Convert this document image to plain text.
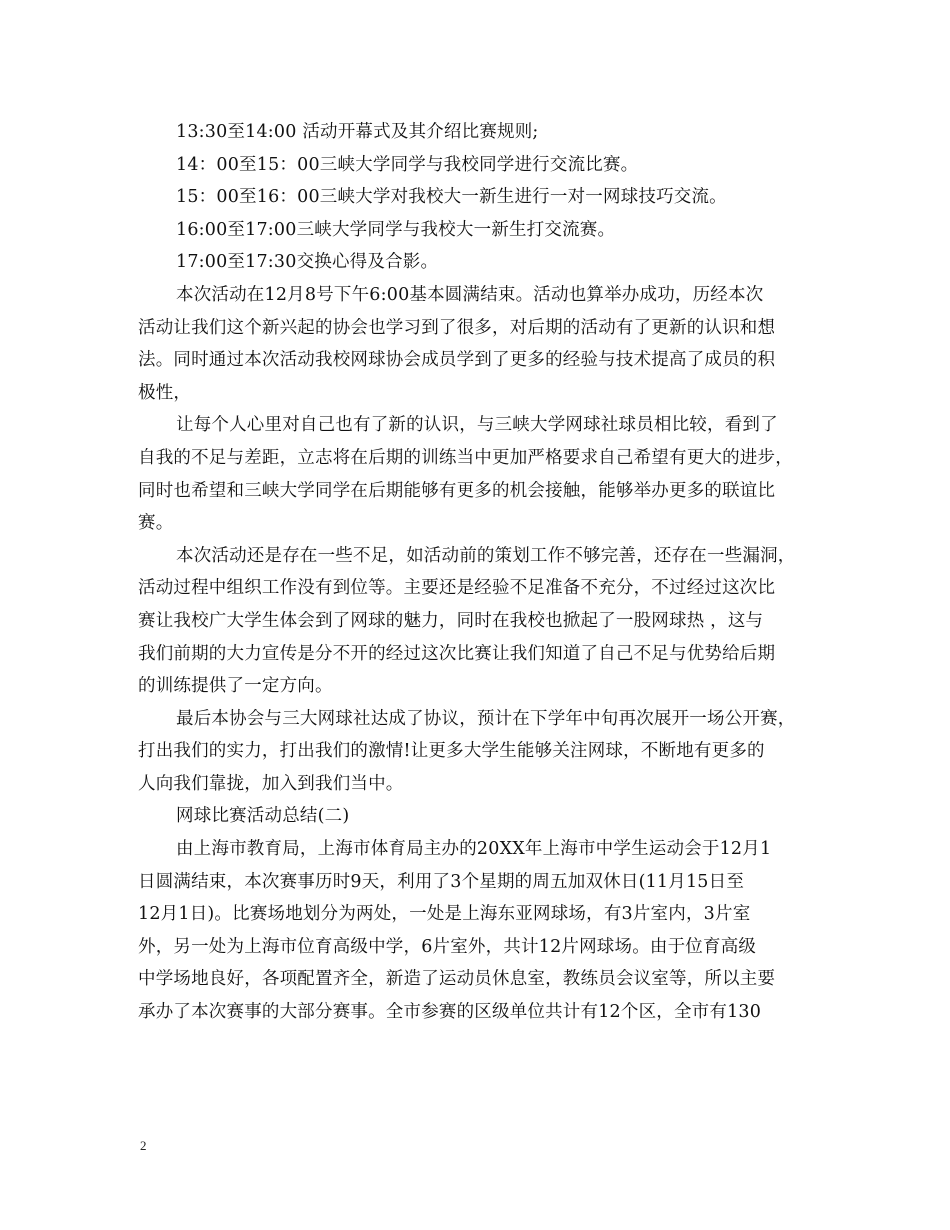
13:30至14:00 活动开幕式及其介绍比赛规则;
14：00至15：00三峡大学同学与我校同学进行交流比赛。
15：00至16：00三峡大学对我校大一新生进行一对一网球技巧交流。
16:00至17:00三峡大学同学与我校大一新生打交流赛。
17:00至17:30交换心得及合影。
本次活动在12月8号下午6:00基本圆满结束。活动也算举办成功，历经本次
活动让我们这个新兴起的协会也学习到了很多，对后期的活动有了更新的认识和想
法。同时通过本次活动我校网球协会成员学到了更多的经验与技术提高了成员的积
极性，
让每个人心里对自己也有了新的认识，与三峡大学网球社球员相比较，看到了
自我的不足与差距，立志将在后期的训练当中更加严格要求自己希望有更大的进步，
同时也希望和三峡大学同学在后期能够有更多的机会接触，能够举办更多的联谊比
赛。
本次活动还是存在一些不足，如活动前的策划工作不够完善，还存在一些漏洞，
活动过程中组织工作没有到位等。主要还是经验不足准备不充分，不过经过这次比
赛让我校广大学生体会到了网球的魅力，同时在我校也掀起了一股网球热 ，这与
我们前期的大力宣传是分不开的经过这次比赛让我们知道了自己不足与优势给后期
的训练提供了一定方向。
最后本协会与三大网球社达成了协议，预计在下学年中旬再次展开一场公开赛，
打出我们的实力，打出我们的激情!让更多大学生能够关注网球，不断地有更多的
人向我们靠拢，加入到我们当中。
网球比赛活动总结(二)
由上海市教育局，上海市体育局主办的20XX年上海市中学生运动会于12月1
日圆满结束，本次赛事历时9天，利用了3个星期的周五加双休日(11月15日至
12月1日)。比赛场地划分为两处，一处是上海东亚网球场，有3片室内，3片室
外，另一处为上海市位育高级中学，6片室外，共计12片网球场。由于位育高级
中学场地良好，各项配置齐全，新造了运动员休息室，教练员会议室等，所以主要
承办了本次赛事的大部分赛事。全市参赛的区级单位共计有12个区，全市有130
2
